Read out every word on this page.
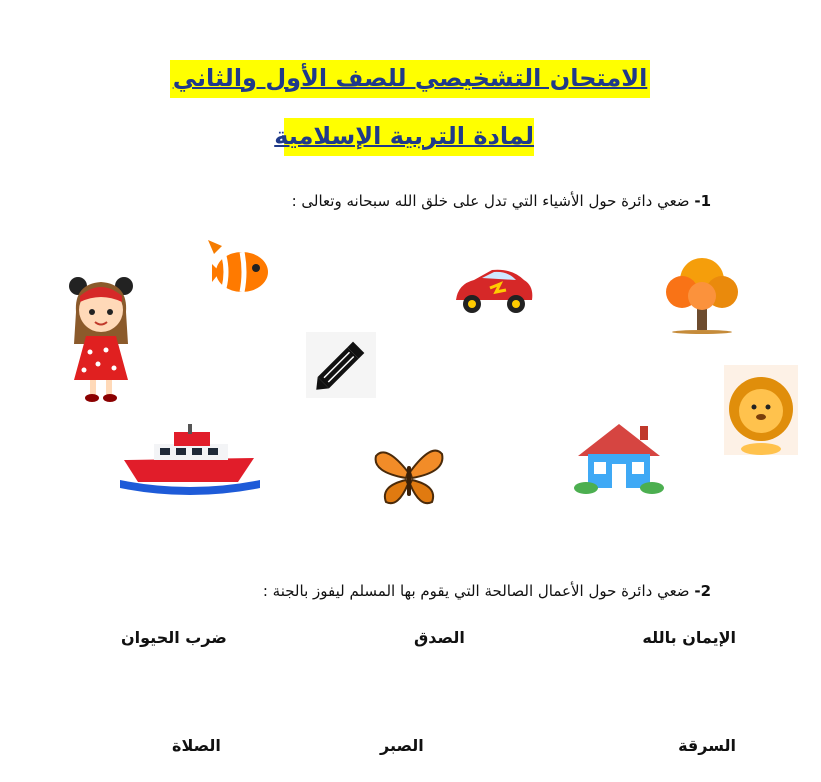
الامتحان التشخيصي للصف الأول والثاني
لمادة التربية الإسلامية
1- ضعي دائرة حول الأشياء التي تدل على خلق الله سبحانه وتعالى :
2- ضعي دائرة حول الأعمال الصالحة التي يقوم بها المسلم ليفوز بالجنة :
الإيمان بالله
الصدق
ضرب الحيوان
السرقة
الصبر
الصلاة
